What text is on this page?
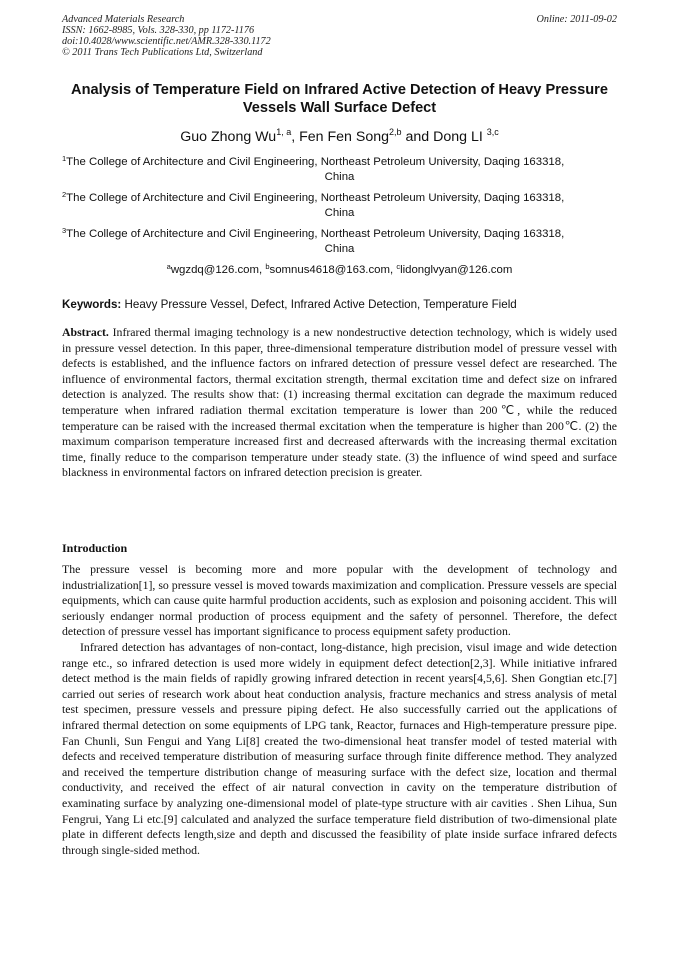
Advanced Materials Research
ISSN: 1662-8985, Vols. 328-330, pp 1172-1176
doi:10.4028/www.scientific.net/AMR.328-330.1172
© 2011 Trans Tech Publications Ltd, Switzerland
Online: 2011-09-02
Analysis of Temperature Field on Infrared Active Detection of Heavy Pressure Vessels Wall Surface Defect
Guo Zhong Wu$^{1, a}$, Fen Fen Song$^{2,b}$ and Dong LI $^{3,c}$
$^1$The College of Architecture and Civil Engineering, Northeast Petroleum University, Daqing 163318,
China
$^2$The College of Architecture and Civil Engineering, Northeast Petroleum University, Daqing 163318,
China
$^3$The College of Architecture and Civil Engineering, Northeast Petroleum University, Daqing 163318,
China
$^a$wgzdq@126.com, $^b$somnus4618@163.com, $^c$lidonglvyan@126.com
Keywords: Heavy Pressure Vessel, Defect, Infrared Active Detection, Temperature Field

Abstract. Infrared thermal imaging technology is a new nondestructive detection technology, which is widely used in pressure vessel detection. In this paper, three-dimensional temperature distribution model of pressure vessel with defects is established, and the influence factors on infrared detection of pressure vessel defect are researched. The influence of environmental factors, thermal excitation strength, thermal excitation time and defect size on infrared detection is analyzed. The results show that: (1) increasing thermal excitation can degrade the maximum reduced temperature when infrared radiation thermal excitation temperature is lower than 200℃, while the reduced temperature can be raised with the increased thermal excitation when the temperature is higher than 200℃. (2) the maximum comparison temperature increased first and decreased afterwards with the increasing thermal excitation time, finally reduce to the comparison temperature under steady state. (3) the influence of wind speed and surface blackness in environmental factors on infrared detection precision is greater.

Introduction

The pressure vessel is becoming more and more popular with the development of technology and industrialization[1], so pressure vessel is moved towards maximization and complication. Pressure vessels are special equipments, which can cause quite harmful production accidents, such as explosion and poisoning accident. This will seriously endanger normal production of process equipment and the safety of personnel. Therefore, the defect detection of pressure vessel has important significance to process equipment safety production.

Infrared detection has advantages of non-contact, long-distance, high precision, visul image and wide detection range etc., so infrared detection is used more widely in equipment defect detection[2,3]. While initiative infrared detect method is the main fields of rapidly growing infrared detection in recent years[4,5,6]. Shen Gongtian etc.[7] carried out series of research work about heat conduction analysis, fracture mechanics and stress analysis of metal test specimen, pressure vessels and pressure piping defect. He also successfully carried out the applications of infrared thermal detection on some equipments of LPG tank, Reactor, furnaces and High-temperature pressure pipe. Fan Chunli, Sun Fengui and Yang Li[8] created the two-dimensional heat transfer model of tested material with defects and received temperature distribution of measuring surface through finite difference method. They analyzed and received the temperture distribution change of measuring surface with the defect size, location and thermal conductivity, and received the effect of air natural convection in cavity on the temperature distribution of examinating surface by analyzing one-dimensional model of plate-type structure with air cavities . Shen Lihua, Sun Fengrui, Yang Li etc.[9] calculated and analyzed the surface temperature field distribution of two-dimensional plate plate in different defects length,size and depth and discussed the feasibility of plate inside surface infrared defects through single-sided method.
